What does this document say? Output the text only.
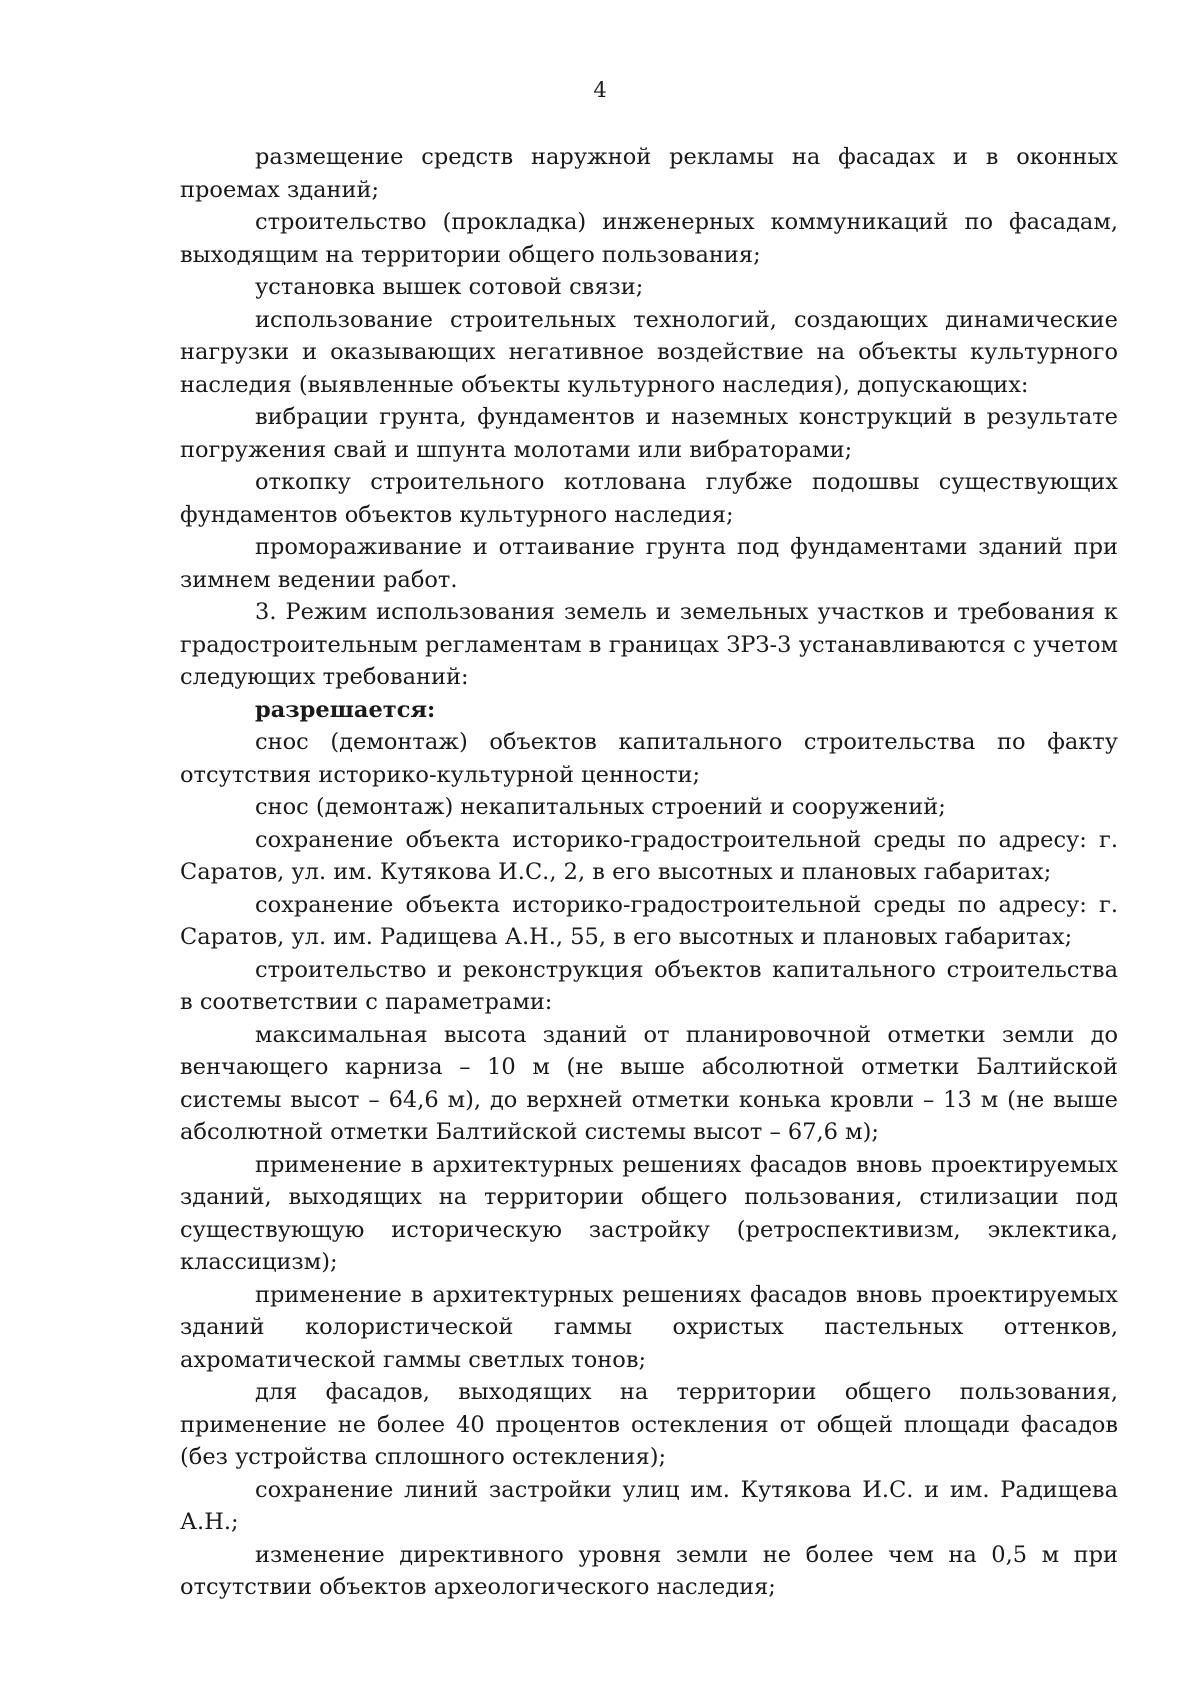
4

размещение средств наружной рекламы на фасадах и в оконных проемах зданий;

строительство (прокладка) инженерных коммуникаций по фасадам, выходящим на территории общего пользования;

установка вышек сотовой связи;

использование строительных технологий, создающих динамические нагрузки и оказывающих негативное воздействие на объекты культурного наследия (выявленные объекты культурного наследия), допускающих:

вибрации грунта, фундаментов и наземных конструкций в результате погружения свай и шпунта молотами или вибраторами;

откопку строительного котлована глубже подошвы существующих фундаментов объектов культурного наследия;

промораживание и оттаивание грунта под фундаментами зданий при зимнем ведении работ.

3. Режим использования земель и земельных участков и требования к градостроительным регламентам в границах ЗРЗ-3 устанавливаются с учетом следующих требований:

разрешается:

снос (демонтаж) объектов капитального строительства по факту отсутствия историко-культурной ценности;

снос (демонтаж) некапитальных строений и сооружений;

сохранение объекта историко-градостроительной среды по адресу: г. Саратов, ул. им. Кутякова И.С., 2, в его высотных и плановых габаритах;

сохранение объекта историко-градостроительной среды по адресу: г. Саратов, ул. им. Радищева А.Н., 55, в его высотных и плановых габаритах;

строительство и реконструкция объектов капитального строительства в соответствии с параметрами:

максимальная высота зданий от планировочной отметки земли до венчающего карниза – 10 м (не выше абсолютной отметки Балтийской системы высот – 64,6 м), до верхней отметки конька кровли – 13 м (не выше абсолютной отметки Балтийской системы высот – 67,6 м);

применение в архитектурных решениях фасадов вновь проектируемых зданий, выходящих на территории общего пользования, стилизации под существующую историческую застройку (ретроспективизм, эклектика, классицизм);

применение в архитектурных решениях фасадов вновь проектируемых зданий колористической гаммы охристых пастельных оттенков, ахроматической гаммы светлых тонов;

для фасадов, выходящих на территории общего пользования, применение не более 40 процентов остекления от общей площади фасадов (без устройства сплошного остекления);

сохранение линий застройки улиц им. Кутякова И.С. и им. Радищева А.Н.;

изменение директивного уровня земли не более чем на 0,5 м при отсутствии объектов археологического наследия;
